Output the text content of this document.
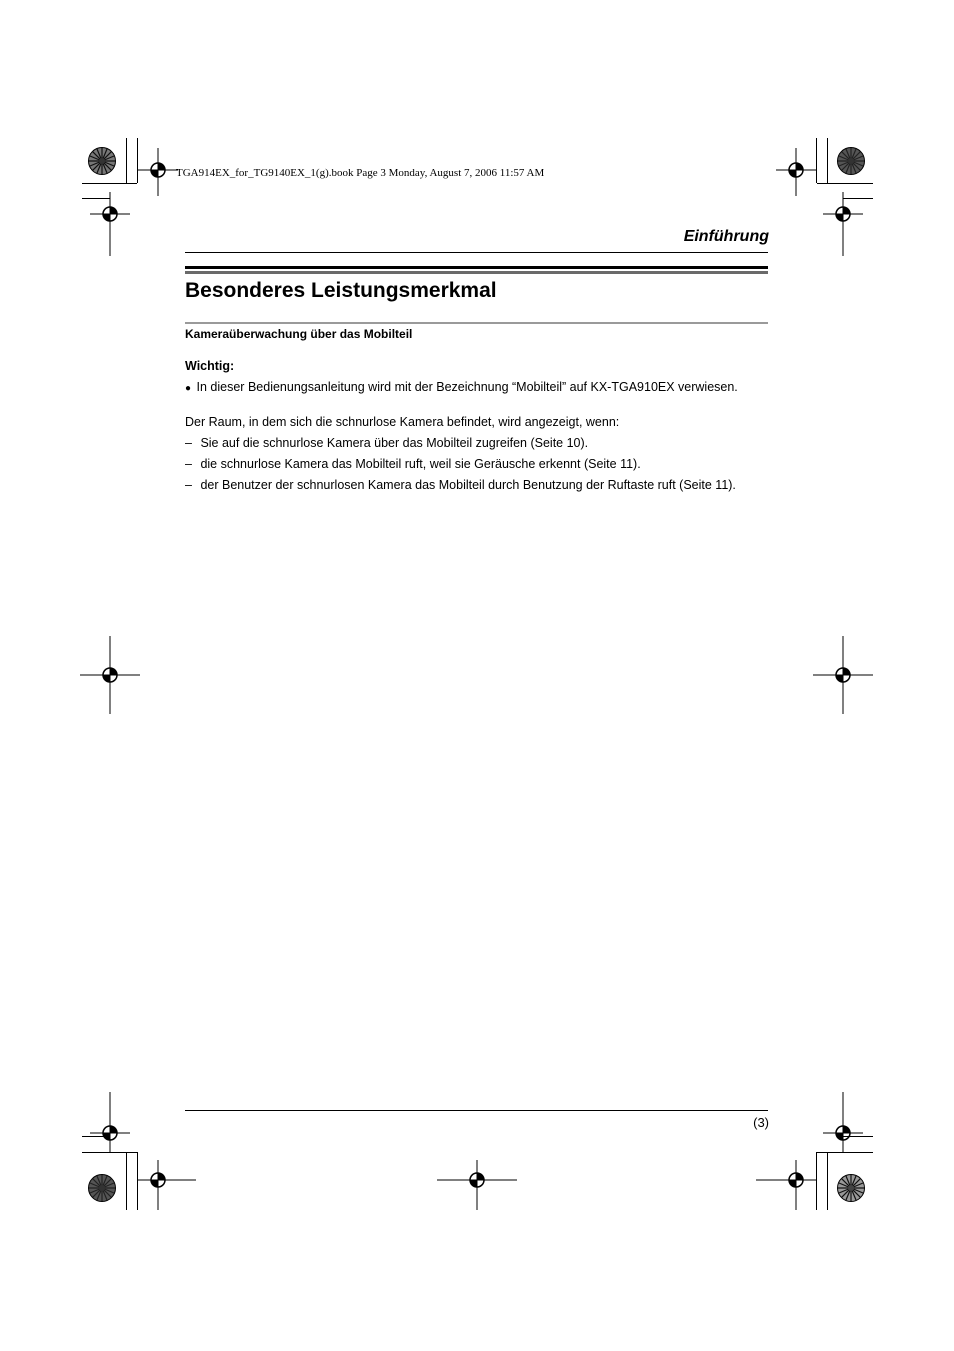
TGA914EX_for_TG9140EX_1(g).book Page 3 Monday, August 7, 2006 11:57 AM
Einführung
Besonderes Leistungsmerkmal
Kameraüberwachung über das Mobilteil
Wichtig:
● In dieser Bedienungsanleitung wird mit der Bezeichnung “Mobilteil” auf KX-TGA910EX verwiesen.
Der Raum, in dem sich die schnurlose Kamera befindet, wird angezeigt, wenn:
– Sie auf die schnurlose Kamera über das Mobilteil zugreifen (Seite 10).
– die schnurlose Kamera das Mobilteil ruft, weil sie Geräusche erkennt (Seite 11).
– der Benutzer der schnurlosen Kamera das Mobilteil durch Benutzung der Ruftaste ruft (Seite 11).
(3)
